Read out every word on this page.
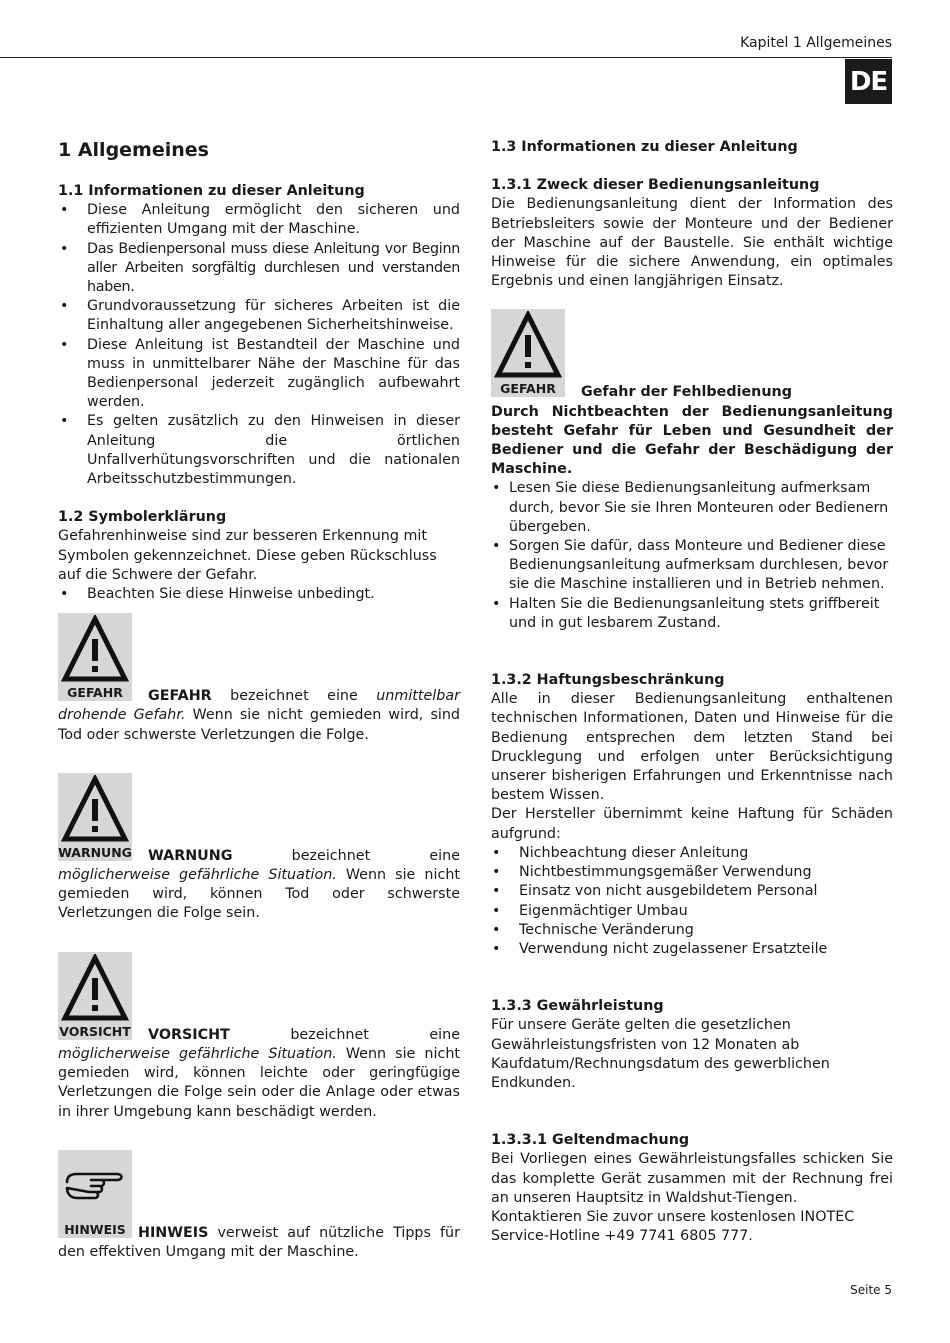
Kapitel 1 Allgemeines
DE
1 Allgemeines
1.1 Informationen zu dieser Anleitung
• Diese Anleitung ermöglicht den sicheren und effizienten Umgang mit der Maschine.
• Das Bedienpersonal muss diese Anleitung vor Beginn aller Arbeiten sorgfältig durchlesen und verstanden haben.
• Grundvoraussetzung für sicheres Arbeiten ist die Einhaltung aller angegebenen Sicherheitshinweise.
• Diese Anleitung ist Bestandteil der Maschine und muss in unmittelbarer Nähe der Maschine für das Bedienpersonal jederzeit zugänglich aufbewahrt werden.
• Es gelten zusätzlich zu den Hinweisen in dieser Anleitung die örtlichen Unfallverhütungsvorschriften und die nationalen Arbeitsschutzbestimmungen.
1.2 Symbolerklärung

Gefahrenhinweise sind zur besseren Erkennung mit Symbolen gekennzeichnet. Diese geben Rückschluss auf die Schwere der Gefahr.

• Beachten Sie diese Hinweise unbedingt.
GEFAHR	GEFAHR bezeichnet eine unmittelbar drohende Gefahr. Wenn sie nicht gemieden wird, sind Tod oder schwerste Verletzungen die Folge.

WARNUNG	WARNUNG bezeichnet eine möglicherweise gefährliche Situation. Wenn sie nicht gemieden wird, können Tod oder schwerste Verletzungen die Folge sein.

VORSICHT	VORSICHT bezeichnet eine möglicherweise gefährliche Situation. Wenn sie nicht gemieden wird, können leichte oder geringfügige Verletzungen die Folge sein oder die Anlage oder etwas in ihrer Umgebung kann beschädigt werden.

HINWEIS HINWEIS verweist auf nützliche Tipps für den effektiven Umgang mit der Maschine.

1.3 Informationen zu dieser Anleitung
1.3.1 Zweck dieser Bedienungsanleitung

Die Bedienungsanleitung dient der Information des Betriebsleiters sowie der Monteure und der Bediener der Maschine auf der Baustelle. Sie enthält wichtige Hinweise für die sichere Anwendung, ein optimales Ergebnis und einen langjährigen Einsatz.

GEFAHR	Gefahr der Fehlbedienung

Durch Nichtbeachten der Bedienungsanleitung besteht Gefahr für Leben und Gesundheit der Bediener und die Gefahr der Beschädigung der Maschine.

• Lesen Sie diese Bedienungsanleitung aufmerksam durch, bevor Sie sie Ihren Monteuren oder Bedienern übergeben.
• Sorgen Sie dafür, dass Monteure und Bediener diese Bedienungsanleitung aufmerksam durchlesen, bevor sie die Maschine installieren und in Betrieb nehmen.
• Halten Sie die Bedienungsanleitung stets griffbereit und in gut lesbarem Zustand.
1.3.2 Haftungsbeschränkung

Alle in dieser Bedienungsanleitung enthaltenen technischen Informationen, Daten und Hinweise für die Bedienung entsprechen dem letzten Stand bei Drucklegung und erfolgen unter Berücksichtigung unserer bisherigen Erfahrungen und Erkenntnisse nach bestem Wissen.

Der Hersteller übernimmt keine Haftung für Schäden aufgrund:

• Nichbeachtung dieser Anleitung
• Nichtbestimmungsgemäßer Verwendung
• Einsatz von nicht ausgebildetem Personal
• Eigenmächtiger Umbau
• Technische Veränderung
• Verwendung nicht zugelassener Ersatzteile
1.3.3 Gewährleistung

Für unsere Geräte gelten die gesetzlichen Gewährleistungsfristen von 12 Monaten ab Kaufdatum/Rechnungsdatum des gewerblichen Endkunden.

1.3.3.1 Geltendmachung

Bei Vorliegen eines Gewährleistungsfalles schicken Sie das komplette Gerät zusammen mit der Rechnung frei an unseren Hauptsitz in Waldshut-Tiengen.

Kontaktieren Sie zuvor unsere kostenlosen INOTEC Service-Hotline +49 7741 6805 777.

Seite 5
